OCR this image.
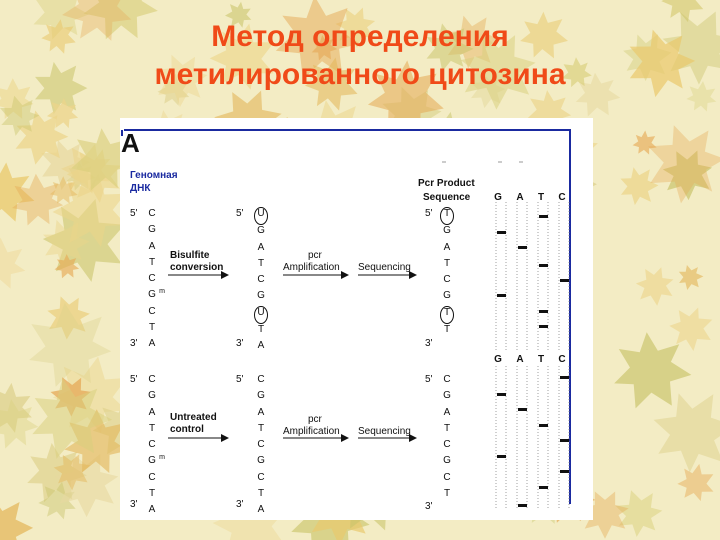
Метод определения
метилированного цитозина
A
Геномная
ДНК	Pcr Product
Sequence	G	A	T	C
G	A	T	C
5'
3'
C
G
A
T
C
m
G
C
T
A
5'
3'
U
G
A
T
C
G
U
T
A
5'
3'
T
G
A
T
C
G
T
T
Bisulfite
conversion
pcr
Amplification Sequencing
5'
3'
C
G
A
T
C
m
G
C
T
A
5'
3'
C
G
A
T
C
G
C
T
A
5'
3'
C
G
A
T
C
G
C
T
Untreated
control
pcr
Amplification Sequencing
